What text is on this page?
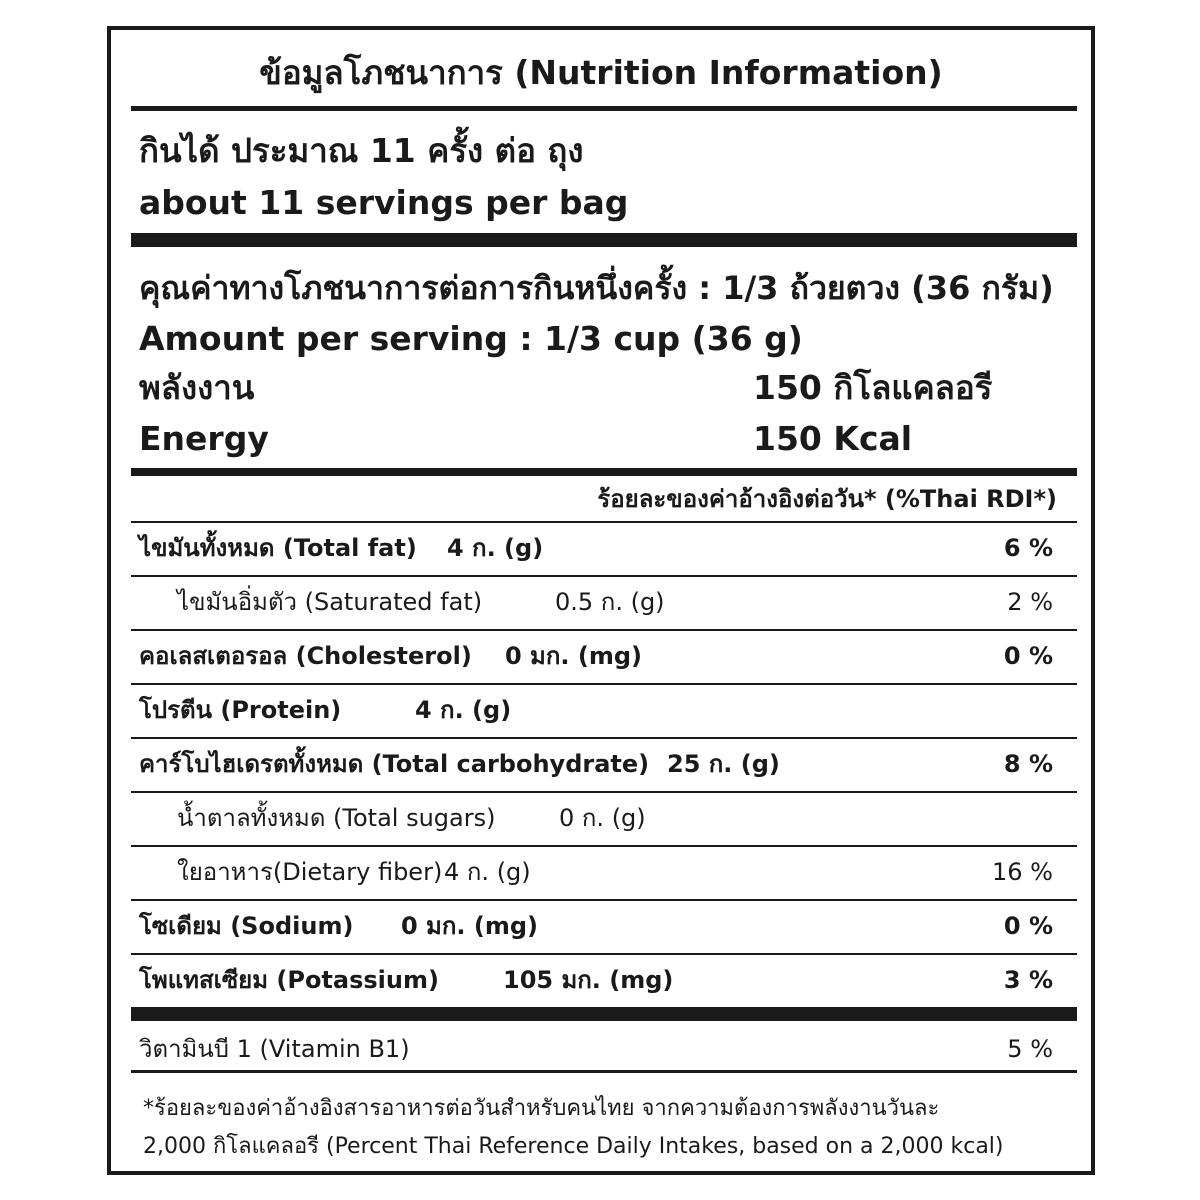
ข้อมูลโภชนาการ (Nutrition Information)
กินได้ ประมาณ 11 ครั้ง ต่อ ถุง
about 11 servings per bag
คุณค่าทางโภชนาการต่อการกินหนึ่งครั้ง : 1/3 ถ้วยตวง (36 กรัม)
Amount per serving : 1/3 cup (36 g)
พลังงาน	150 กิโลแคลอรี
Energy	150 Kcal
ร้อยละของค่าอ้างอิงต่อวัน* (%Thai RDI*)
ไขมันทั้งหมด (Total fat) 4 ก. (g)	6 %
ไขมันอิ่มตัว (Saturated fat)	0.5 ก. (g)	2 %
คอเลสเตอรอล (Cholesterol) 0 มก. (mg)	0 %
โปรตีน (Protein)	4 ก. (g)
คาร์โบไฮเดรตทั้งหมด (Total carbohydrate) 25 ก. (g)	8 %
น้ำตาลทั้งหมด (Total sugars)	0 ก. (g)
ใยอาหาร(Dietary fiber) 4 ก. (g)	16 %
โซเดียม (Sodium) 0 มก. (mg)	0 %
โพแทสเซียม (Potassium)	105 มก. (mg)	3 %
วิตามินบี 1 (Vitamin B1)	5 %
*ร้อยละของค่าอ้างอิงสารอาหารต่อวันสำหรับคนไทย จากความต้องการพลังงานวันละ
2,000 กิโลแคลอรี (Percent Thai Reference Daily Intakes, based on a 2,000 kcal)
